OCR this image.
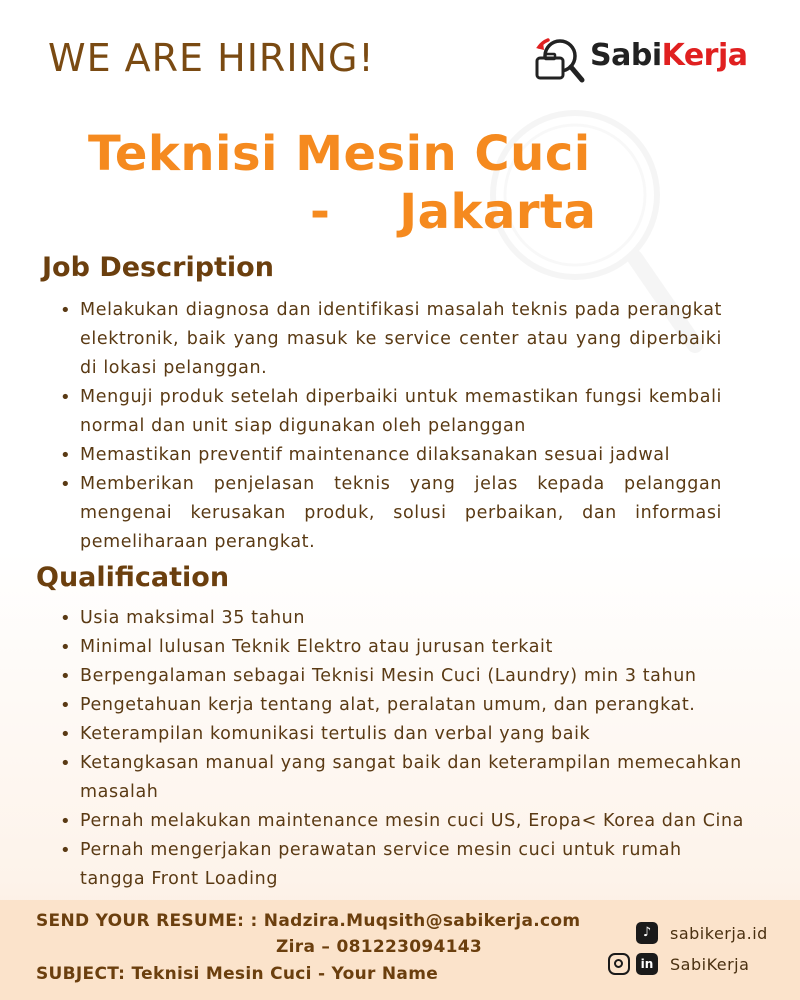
WE ARE HIRING!	SabiKerja
Teknisi Mesin Cuci
-    Jakarta
Job Description
• Melakukan diagnosa dan identifikasi masalah teknis pada perangkat elektronik, baik yang masuk ke service center atau yang diperbaiki di lokasi pelanggan.
• Menguji produk setelah diperbaiki untuk memastikan fungsi kembali normal dan unit siap digunakan oleh pelanggan
• Memastikan preventif maintenance dilaksanakan sesuai jadwal
• Memberikan penjelasan teknis yang jelas kepada pelanggan mengenai kerusakan produk, solusi perbaikan, dan informasi pemeliharaan perangkat.
Qualification
• Usia maksimal 35 tahun
• Minimal lulusan Teknik Elektro atau jurusan terkait
• Berpengalaman sebagai Teknisi Mesin Cuci (Laundry) min 3 tahun
• Pengetahuan kerja tentang alat, peralatan umum, dan perangkat.
• Keterampilan komunikasi tertulis dan verbal yang baik
• Ketangkasan manual yang sangat baik dan keterampilan memecahkan masalah
• Pernah melakukan maintenance mesin cuci US, Eropa< Korea dan Cina
• Pernah mengerjakan perawatan service mesin cuci untuk rumah tangga Front Loading
SEND YOUR RESUME: : Nadzira.Muqsith@sabikerja.com
Zira – 081223094143
SUBJECT: Teknisi Mesin Cuci - Your Name
♪	sabikerja.id
in SabiKerja
